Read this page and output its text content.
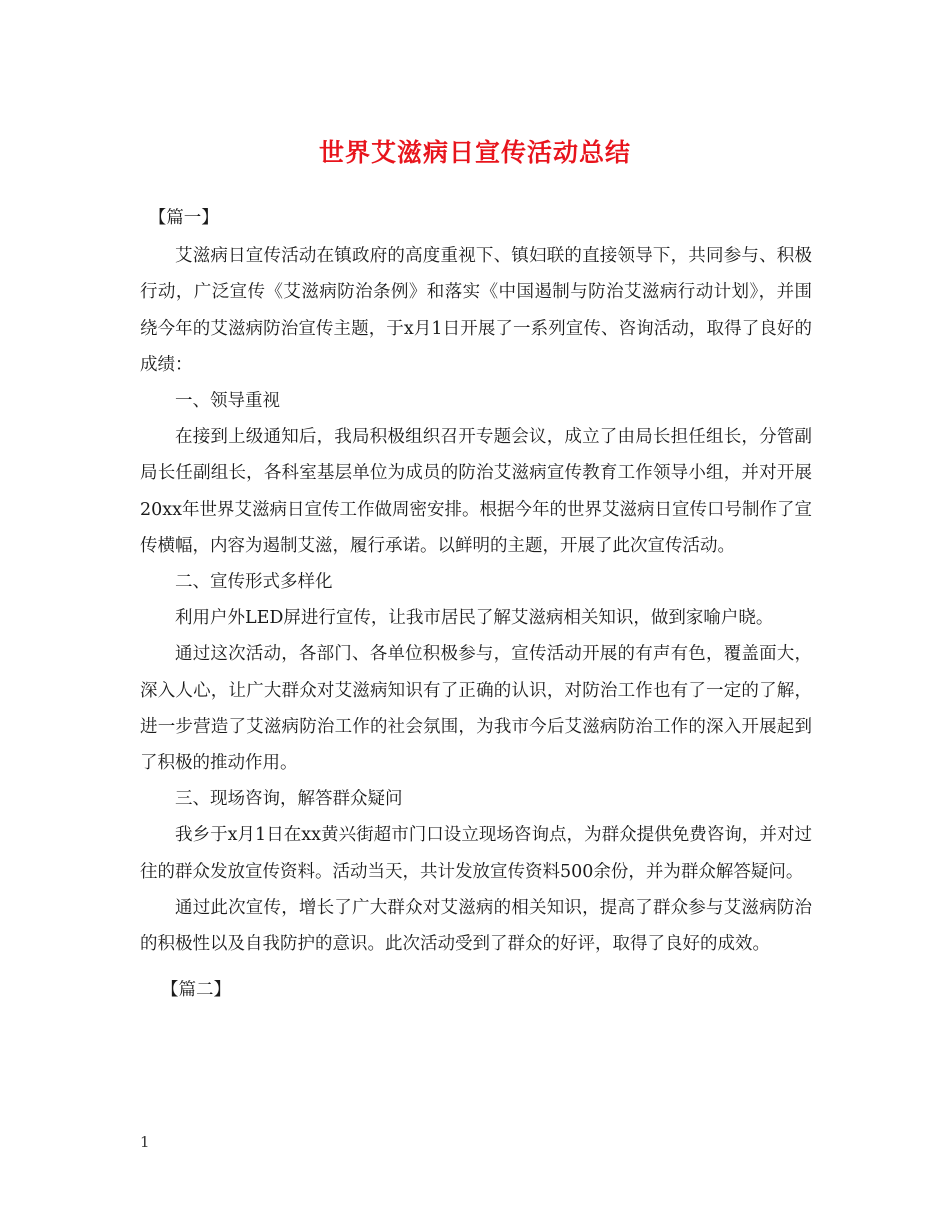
世界艾滋病日宣传活动总结

【篇一】

艾滋病日宣传活动在镇政府的高度重视下、镇妇联的直接领导下，共同参与、积极行动，广泛宣传《艾滋病防治条例》和落实《中国遏制与防治艾滋病行动计划》，并围绕今年的艾滋病防治宣传主题，于x月1日开展了一系列宣传、咨询活动，取得了良好的成绩：

一、领导重视

在接到上级通知后，我局积极组织召开专题会议，成立了由局长担任组长，分管副局长任副组长，各科室基层单位为成员的防治艾滋病宣传教育工作领导小组，并对开展20xx年世界艾滋病日宣传工作做周密安排。根据今年的世界艾滋病日宣传口号制作了宣传横幅，内容为遏制艾滋，履行承诺。以鲜明的主题，开展了此次宣传活动。

二、宣传形式多样化

利用户外LED屏进行宣传，让我市居民了解艾滋病相关知识，做到家喻户晓。

通过这次活动，各部门、各单位积极参与，宣传活动开展的有声有色，覆盖面大，深入人心，让广大群众对艾滋病知识有了正确的认识，对防治工作也有了一定的了解，进一步营造了艾滋病防治工作的社会氛围，为我市今后艾滋病防治工作的深入开展起到了积极的推动作用。

三、现场咨询，解答群众疑问

我乡于x月1日在xx黄兴街超市门口设立现场咨询点，为群众提供免费咨询，并对过往的群众发放宣传资料。活动当天，共计发放宣传资料500余份，并为群众解答疑问。

通过此次宣传，增长了广大群众对艾滋病的相关知识，提高了群众参与艾滋病防治的积极性以及自我防护的意识。此次活动受到了群众的好评，取得了良好的成效。

【篇二】

1
